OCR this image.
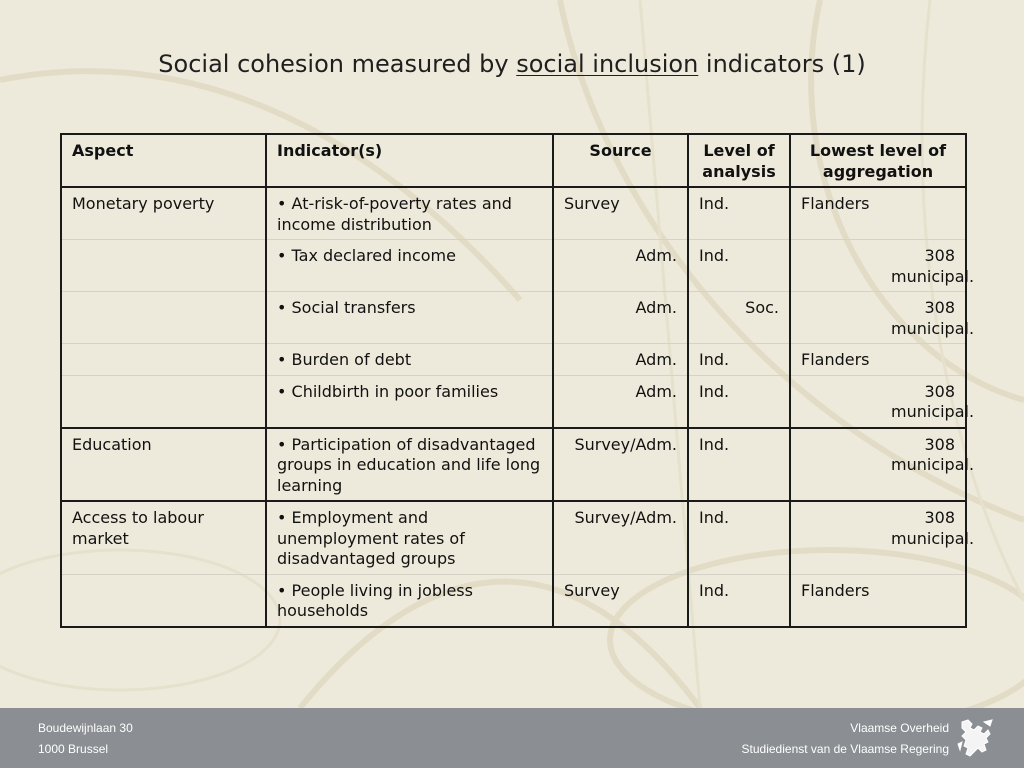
Social cohesion measured by social inclusion indicators (1)
Aspect	Indicator(s)	Source	Level of analysis	Lowest level of aggregation
Monetary poverty	• At-risk-of-poverty rates and income distribution	Survey	Ind.	Flanders
	• Tax declared income	Adm.	Ind.	308 municipal.
	• Social transfers	Adm.	Soc.	308 municipal.
	• Burden of debt	Adm.	Ind.	Flanders
	• Childbirth in poor families	Adm.	Ind.	308 municipal.
Education	• Participation of disadvantaged groups in education and life long learning	Survey/Adm.	Ind.	308 municipal.
Access to labour market	• Employment and unemployment rates of disadvantaged groups	Survey/Adm.	Ind.	308 municipal.
	• People living in jobless households	Survey	Ind.	Flanders
Boudewijnlaan 30
1000 Brussel
Vlaamse Overheid
Studiedienst van de Vlaamse Regering
